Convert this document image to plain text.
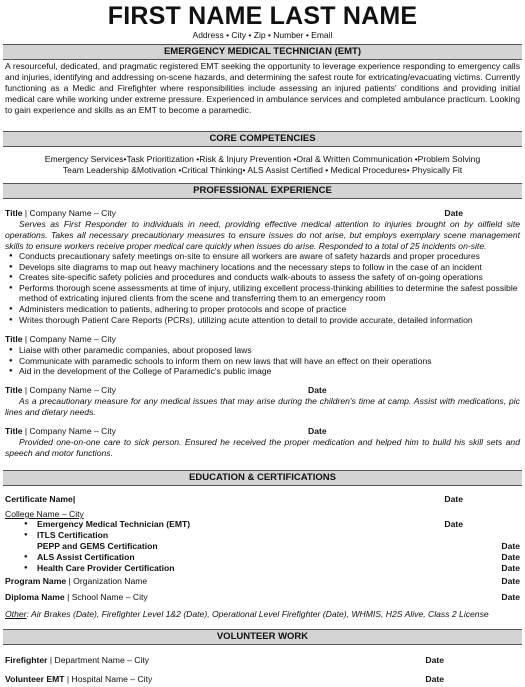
FIRST NAME LAST NAME
Address • City • Zip • Number • Email
EMERGENCY MEDICAL TECHNICIAN (EMT)
A resourceful, dedicated, and pragmatic registered EMT seeking the opportunity to leverage experience responding to emergency calls and injuries, identifying and addressing on-scene hazards, and determining the safest route for extricating/evacuating victims. Currently functioning as a Medic and Firefighter where responsibilities include assessing an injured patients' conditions and providing initial medical care while working under extreme pressure. Experienced in ambulance services and completed ambulance practicum. Looking to gain experience and skills as an EMT to become a paramedic.
CORE COMPETENCIES
Emergency Services•Task Prioritization •Risk & Injury Prevention •Oral & Written Communication •Problem Solving
Team Leadership &Motivation •Critical Thinking• ALS Assist Certified • Medical Procedures• Physically Fit
PROFESSIONAL EXPERIENCE
Title | Company Name – City	Date
Serves as First Responder to individuals in need, providing effective medical attention to injuries brought on by oilfield site operations. Takes all necessary precautionary measures to ensure issues do not arise, but employs exemplary scene management skills to ensure workers receive proper medical care quickly when issues do arise. Responded to a total of 25 incidents on-site.
● Conducts precautionary safety meetings on-site to ensure all workers are aware of safety hazards and proper procedures
● Develops site diagrams to map out heavy machinery locations and the necessary steps to follow in the case of an incident
● Creates site-specific safety policies and procedures and conducts walk-abouts to assess the safety of on-going operations
● Performs thorough scene assessments at time of injury, utilizing excellent process-thinking abilities to determine the safest possible method of extricating injured clients from the scene and transferring them to an emergency room
● Administers medication to patients, adhering to proper protocols and scope of practice
● Writes thorough Patient Care Reports (PCRs), utilizing acute attention to detail to provide accurate, detailed information
Title | Company Name – City
● Liaise with other paramedic companies, about proposed laws
● Communicate with paramedic schools to inform them on new laws that will have an effect on their operations
● Aid in the development of the College of Paramedic's public image
Title | Company Name – City	Date
As a precautionary measure for any medical issues that may arise during the children's time at camp. Assist with medications, pic lines and dietary needs.
Title | Company Name – City	Date
Provided one-on-one care to sick person. Ensured he received the proper medication and helped him to build his skill sets and speech and motor functions.
EDUCATION & CERTIFICATIONS
Certificate Name|	Date
College Name – City
● Emergency Medical Technician (EMT)	Date
● ITLS Certification
PEPP and GEMS Certification	Date
● ALS Assist Certification	Date
● Health Care Provider Certification	Date
Program Name | Organization Name	Date
Diploma Name | School Name – City	Date
Other: Air Brakes (Date), Firefighter Level 1&2 (Date), Operational Level Firefighter (Date), WHMIS, H2S Alive, Class 2 License
VOLUNTEER WORK
Firefighter | Department Name – City	Date
Volunteer EMT | Hospital Name – City	Date
